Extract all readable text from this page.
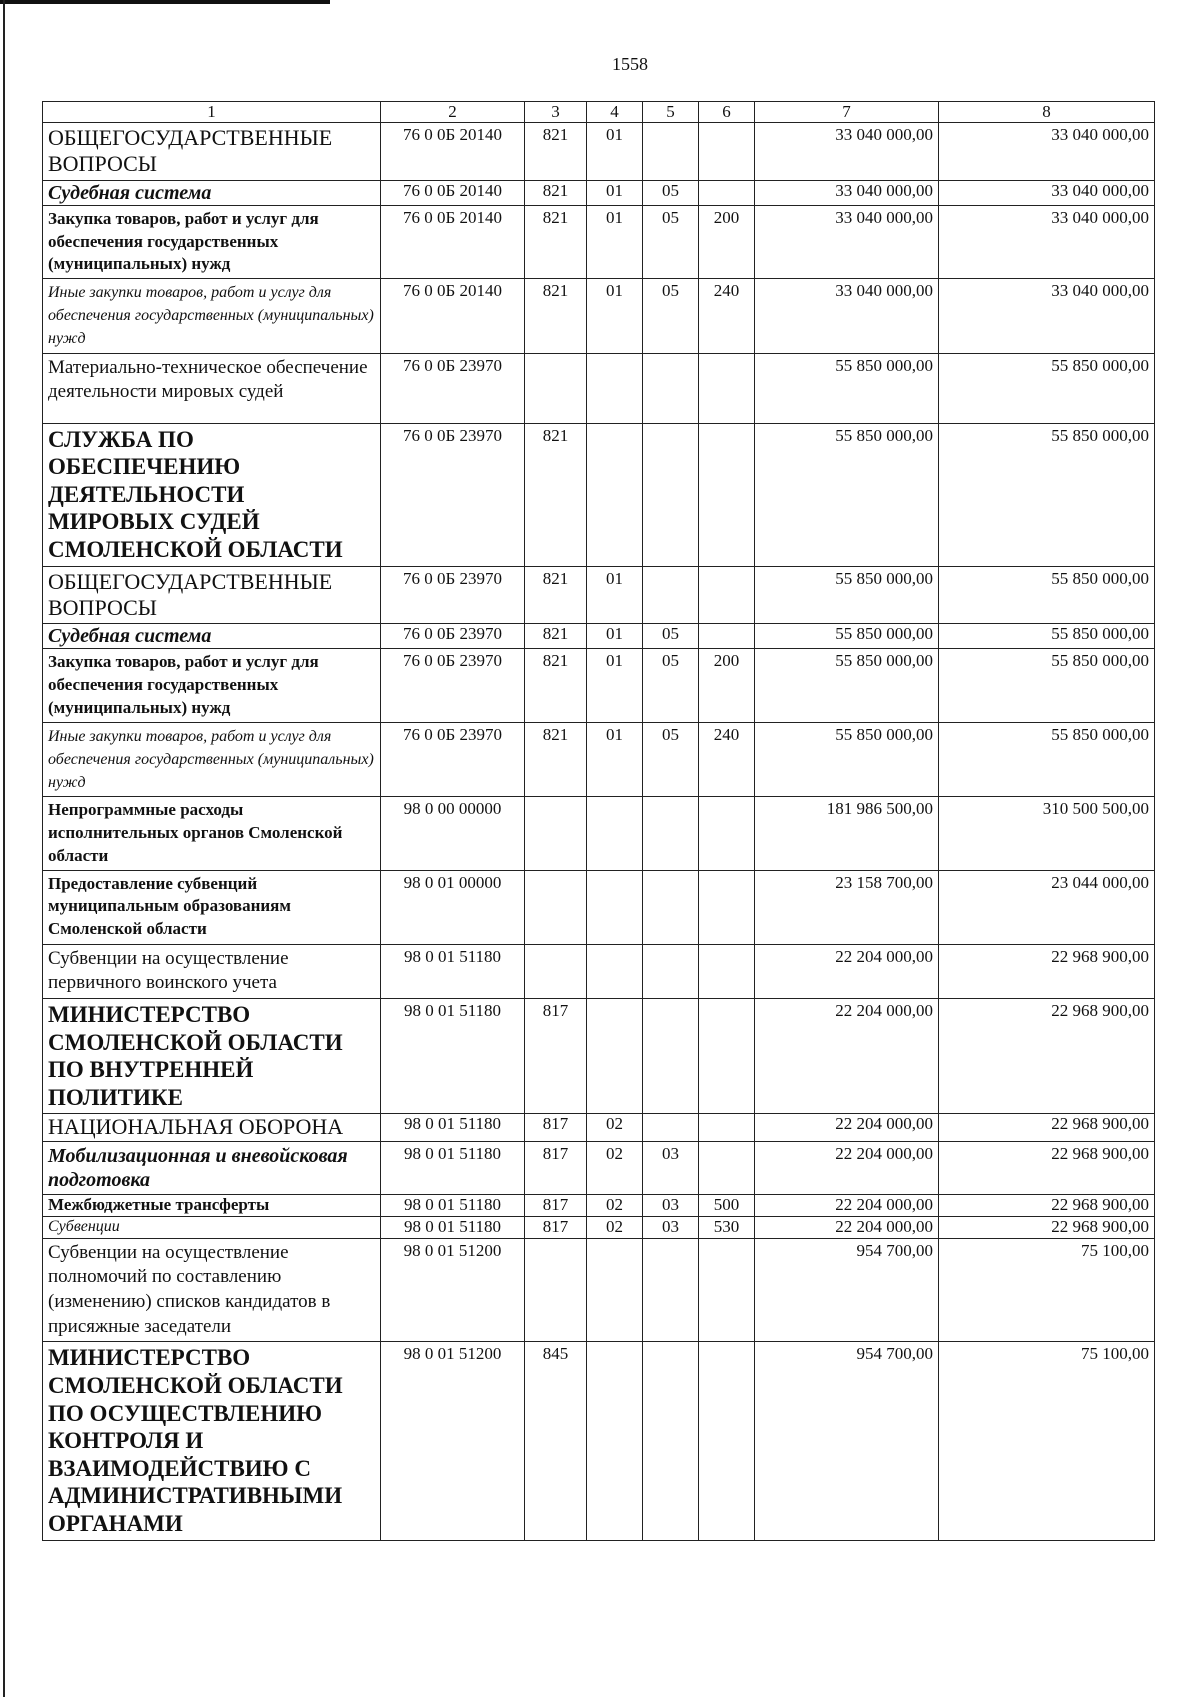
1558
1	2	3	4	5	6	7	8
ОБЩЕГОСУДАРСТВЕННЫЕ ВОПРОСЫ	76 0 0Б 20140	821	01			33 040 000,00	33 040 000,00
Судебная система	76 0 0Б 20140	821	01	05		33 040 000,00	33 040 000,00
Закупка товаров, работ и услуг для обеспечения государственных (муниципальных) нужд	76 0 0Б 20140	821	01	05	200	33 040 000,00	33 040 000,00
Иные закупки товаров, работ и услуг для обеспечения государственных (муниципальных) нужд	76 0 0Б 20140	821	01	05	240	33 040 000,00	33 040 000,00
Материально-техническое обеспечение деятельности мировых судей	76 0 0Б 23970					55 850 000,00	55 850 000,00
СЛУЖБА ПО ОБЕСПЕЧЕНИЮ ДЕЯТЕЛЬНОСТИ МИРОВЫХ СУДЕЙ СМОЛЕНСКОЙ ОБЛАСТИ	76 0 0Б 23970	821				55 850 000,00	55 850 000,00
ОБЩЕГОСУДАРСТВЕННЫЕ ВОПРОСЫ	76 0 0Б 23970	821	01			55 850 000,00	55 850 000,00
Судебная система	76 0 0Б 23970	821	01	05		55 850 000,00	55 850 000,00
Закупка товаров, работ и услуг для обеспечения государственных (муниципальных) нужд	76 0 0Б 23970	821	01	05	200	55 850 000,00	55 850 000,00
Иные закупки товаров, работ и услуг для обеспечения государственных (муниципальных) нужд	76 0 0Б 23970	821	01	05	240	55 850 000,00	55 850 000,00
Непрограммные расходы исполнительных органов Смоленской области	98 0 00 00000					181 986 500,00	310 500 500,00
Предоставление субвенций муниципальным образованиям Смоленской области	98 0 01 00000					23 158 700,00	23 044 000,00
Субвенции на осуществление первичного воинского учета	98 0 01 51180					22 204 000,00	22 968 900,00
МИНИСТЕРСТВО СМОЛЕНСКОЙ ОБЛАСТИ ПО ВНУТРЕННЕЙ ПОЛИТИКЕ	98 0 01 51180	817				22 204 000,00	22 968 900,00
НАЦИОНАЛЬНАЯ ОБОРОНА	98 0 01 51180	817	02			22 204 000,00	22 968 900,00
Мобилизационная и вневойсковая подготовка	98 0 01 51180	817	02	03		22 204 000,00	22 968 900,00
Межбюджетные трансферты	98 0 01 51180	817	02	03	500	22 204 000,00	22 968 900,00
Субвенции	98 0 01 51180	817	02	03	530	22 204 000,00	22 968 900,00
Субвенции на осуществление полномочий по составлению (изменению) списков кандидатов в присяжные заседатели	98 0 01 51200					954 700,00	75 100,00
МИНИСТЕРСТВО СМОЛЕНСКОЙ ОБЛАСТИ ПО ОСУЩЕСТВЛЕНИЮ КОНТРОЛЯ И ВЗАИМОДЕЙСТВИЮ С АДМИНИСТРАТИВНЫМИ ОРГАНАМИ	98 0 01 51200	845				954 700,00	75 100,00
